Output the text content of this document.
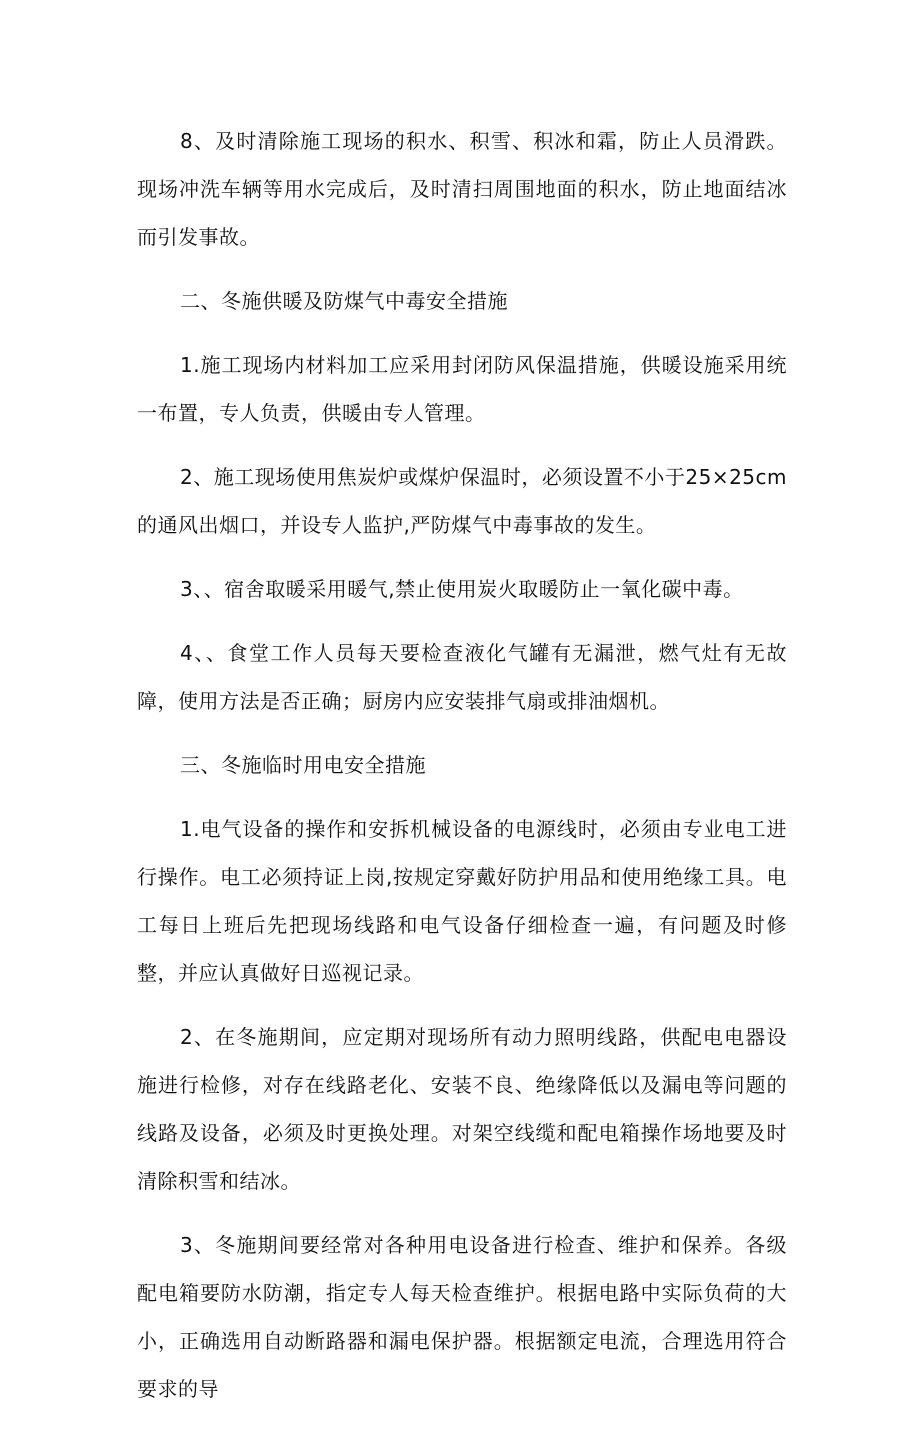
8、及时清除施工现场的积水、积雪、积冰和霜，防止人员滑跌。现场冲洗车辆等用水完成后，及时清扫周围地面的积水，防止地面结冰而引发事故。

二、冬施供暖及防煤气中毒安全措施

1.施工现场内材料加工应采用封闭防风保温措施，供暖设施采用统一布置，专人负责，供暖由专人管理。

2、施工现场使用焦炭炉或煤炉保温时，必须设置不小于25×25cm的通风出烟口，并设专人监护,严防煤气中毒事故的发生。

3、、宿舍取暖采用暖气,禁止使用炭火取暖防止一氧化碳中毒。

4、、食堂工作人员每天要检查液化气罐有无漏泄，燃气灶有无故障，使用方法是否正确；厨房内应安装排气扇或排油烟机。

三、冬施临时用电安全措施

1.电气设备的操作和安拆机械设备的电源线时，必须由专业电工进行操作。电工必须持证上岗,按规定穿戴好防护用品和使用绝缘工具。电工每日上班后先把现场线路和电气设备仔细检查一遍，有问题及时修整，并应认真做好日巡视记录。

2、在冬施期间，应定期对现场所有动力照明线路，供配电电器设施进行检修，对存在线路老化、安装不良、绝缘降低以及漏电等问题的线路及设备，必须及时更换处理。对架空线缆和配电箱操作场地要及时清除积雪和结冰。

3、冬施期间要经常对各种用电设备进行检查、维护和保养。各级配电箱要防水防潮，指定专人每天检查维护。根据电路中实际负荷的大小，正确选用自动断路器和漏电保护器。根据额定电流，合理选用符合要求的导
